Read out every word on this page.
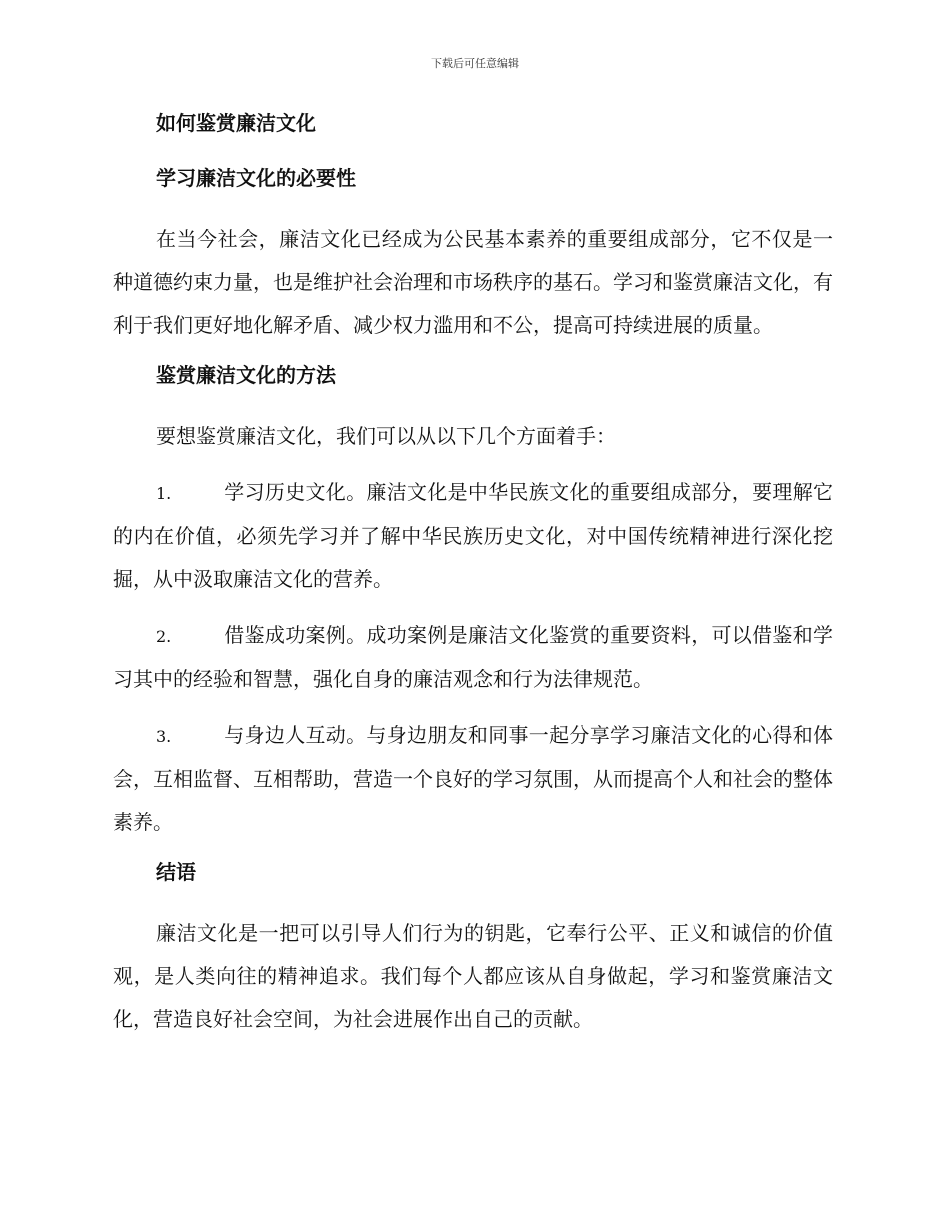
下载后可任意编辑
如何鉴赏廉洁文化
学习廉洁文化的必要性

在当今社会，廉洁文化已经成为公民基本素养的重要组成部分，它不仅是一种道德约束力量，也是维护社会治理和市场秩序的基石。学习和鉴赏廉洁文化，有利于我们更好地化解矛盾、减少权力滥用和不公，提高可持续进展的质量。

鉴赏廉洁文化的方法

要想鉴赏廉洁文化，我们可以从以下几个方面着手：

1.	学习历史文化。廉洁文化是中华民族文化的重要组成部分，要理解它的内在价值，必须先学习并了解中华民族历史文化，对中国传统精神进行深化挖掘，从中汲取廉洁文化的营养。

2.	借鉴成功案例。成功案例是廉洁文化鉴赏的重要资料，可以借鉴和学习其中的经验和智慧，强化自身的廉洁观念和行为法律规范。

3.	与身边人互动。与身边朋友和同事一起分享学习廉洁文化的心得和体会，互相监督、互相帮助，营造一个良好的学习氛围，从而提高个人和社会的整体素养。

结语

廉洁文化是一把可以引导人们行为的钥匙，它奉行公平、正义和诚信的价值观，是人类向往的精神追求。我们每个人都应该从自身做起，学习和鉴赏廉洁文化，营造良好社会空间，为社会进展作出自己的贡献。
